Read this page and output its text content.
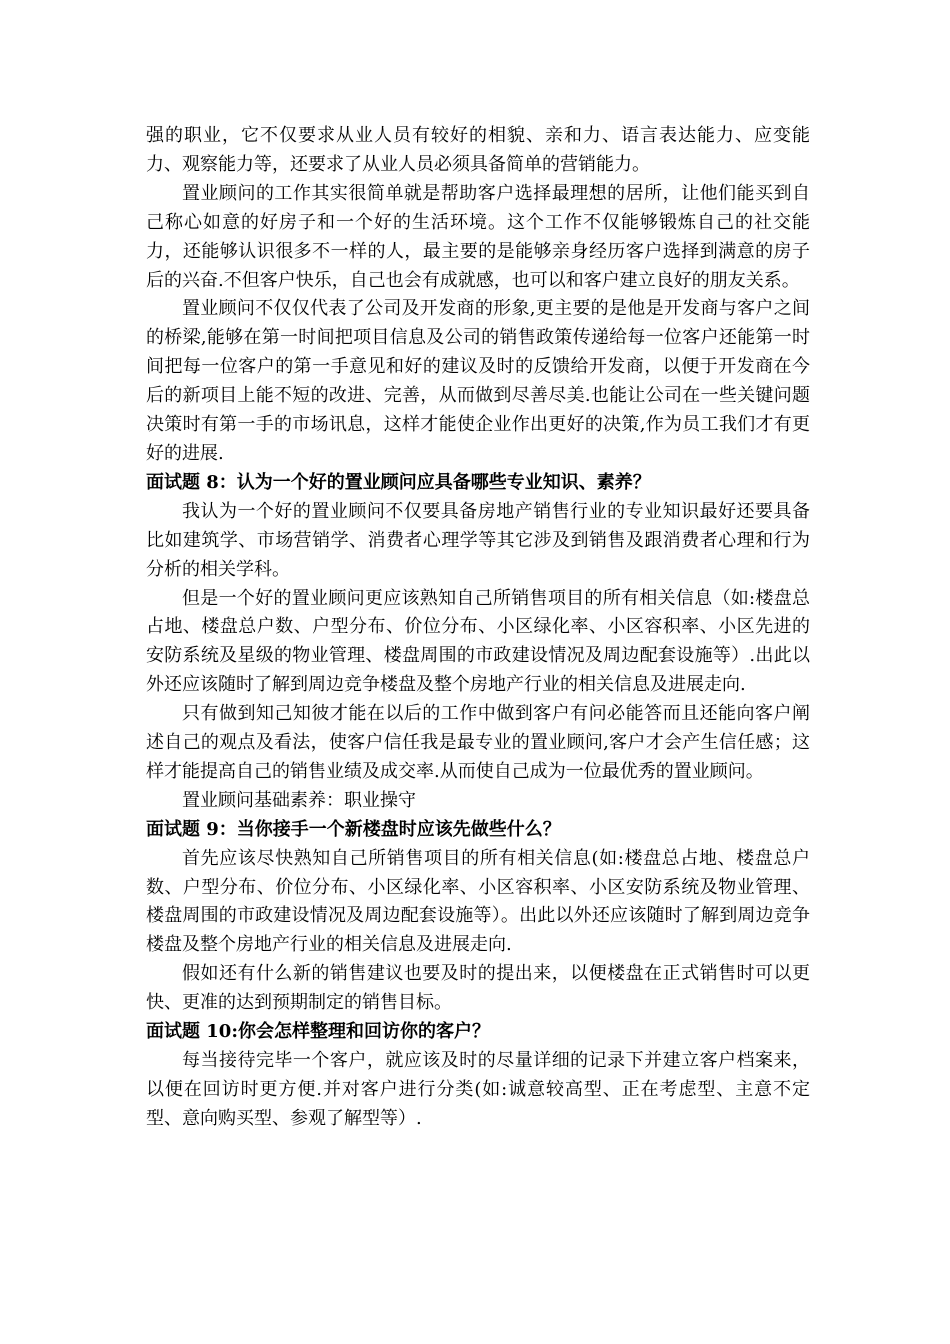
强的职业，它不仅要求从业人员有较好的相貌、亲和力、语言表达能力、应变能力、观察能力等，还要求了从业人员必须具备简单的营销能力。

置业顾问的工作其实很简单就是帮助客户选择最理想的居所，让他们能买到自己称心如意的好房子和一个好的生活环境。这个工作不仅能够锻炼自己的社交能力，还能够认识很多不一样的人，最主要的是能够亲身经历客户选择到满意的房子后的兴奋.不但客户快乐，自己也会有成就感，也可以和客户建立良好的朋友关系。

置业顾问不仅仅代表了公司及开发商的形象,更主要的是他是开发商与客户之间的桥梁,能够在第一时间把项目信息及公司的销售政策传递给每一位客户还能第一时间把每一位客户的第一手意见和好的建议及时的反馈给开发商，以便于开发商在今后的新项目上能不短的改进、完善，从而做到尽善尽美.也能让公司在一些关键问题决策时有第一手的市场讯息，这样才能使企业作出更好的决策,作为员工我们才有更好的进展.

面试题 8：认为一个好的置业顾问应具备哪些专业知识、素养？

我认为一个好的置业顾问不仅要具备房地产销售行业的专业知识最好还要具备比如建筑学、市场营销学、消费者心理学等其它涉及到销售及跟消费者心理和行为分析的相关学科。

但是一个好的置业顾问更应该熟知自己所销售项目的所有相关信息（如:楼盘总占地、楼盘总户数、户型分布、价位分布、小区绿化率、小区容积率、小区先进的安防系统及星级的物业管理、楼盘周围的市政建设情况及周边配套设施等）.出此以外还应该随时了解到周边竞争楼盘及整个房地产行业的相关信息及进展走向.

只有做到知己知彼才能在以后的工作中做到客户有问必能答而且还能向客户阐述自己的观点及看法，使客户信任我是最专业的置业顾问,客户才会产生信任感；这样才能提高自己的销售业绩及成交率.从而使自己成为一位最优秀的置业顾问。

置业顾问基础素养：职业操守

面试题 9：当你接手一个新楼盘时应该先做些什么？

首先应该尽快熟知自己所销售项目的所有相关信息(如:楼盘总占地、楼盘总户数、户型分布、价位分布、小区绿化率、小区容积率、小区安防系统及物业管理、楼盘周围的市政建设情况及周边配套设施等）。出此以外还应该随时了解到周边竞争楼盘及整个房地产行业的相关信息及进展走向.

假如还有什么新的销售建议也要及时的提出来，以便楼盘在正式销售时可以更快、更准的达到预期制定的销售目标。

面试题 10:你会怎样整理和回访你的客户？

每当接待完毕一个客户，就应该及时的尽量详细的记录下并建立客户档案来，以便在回访时更方便.并对客户进行分类(如:诚意较高型、正在考虑型、主意不定型、意向购买型、参观了解型等）.
